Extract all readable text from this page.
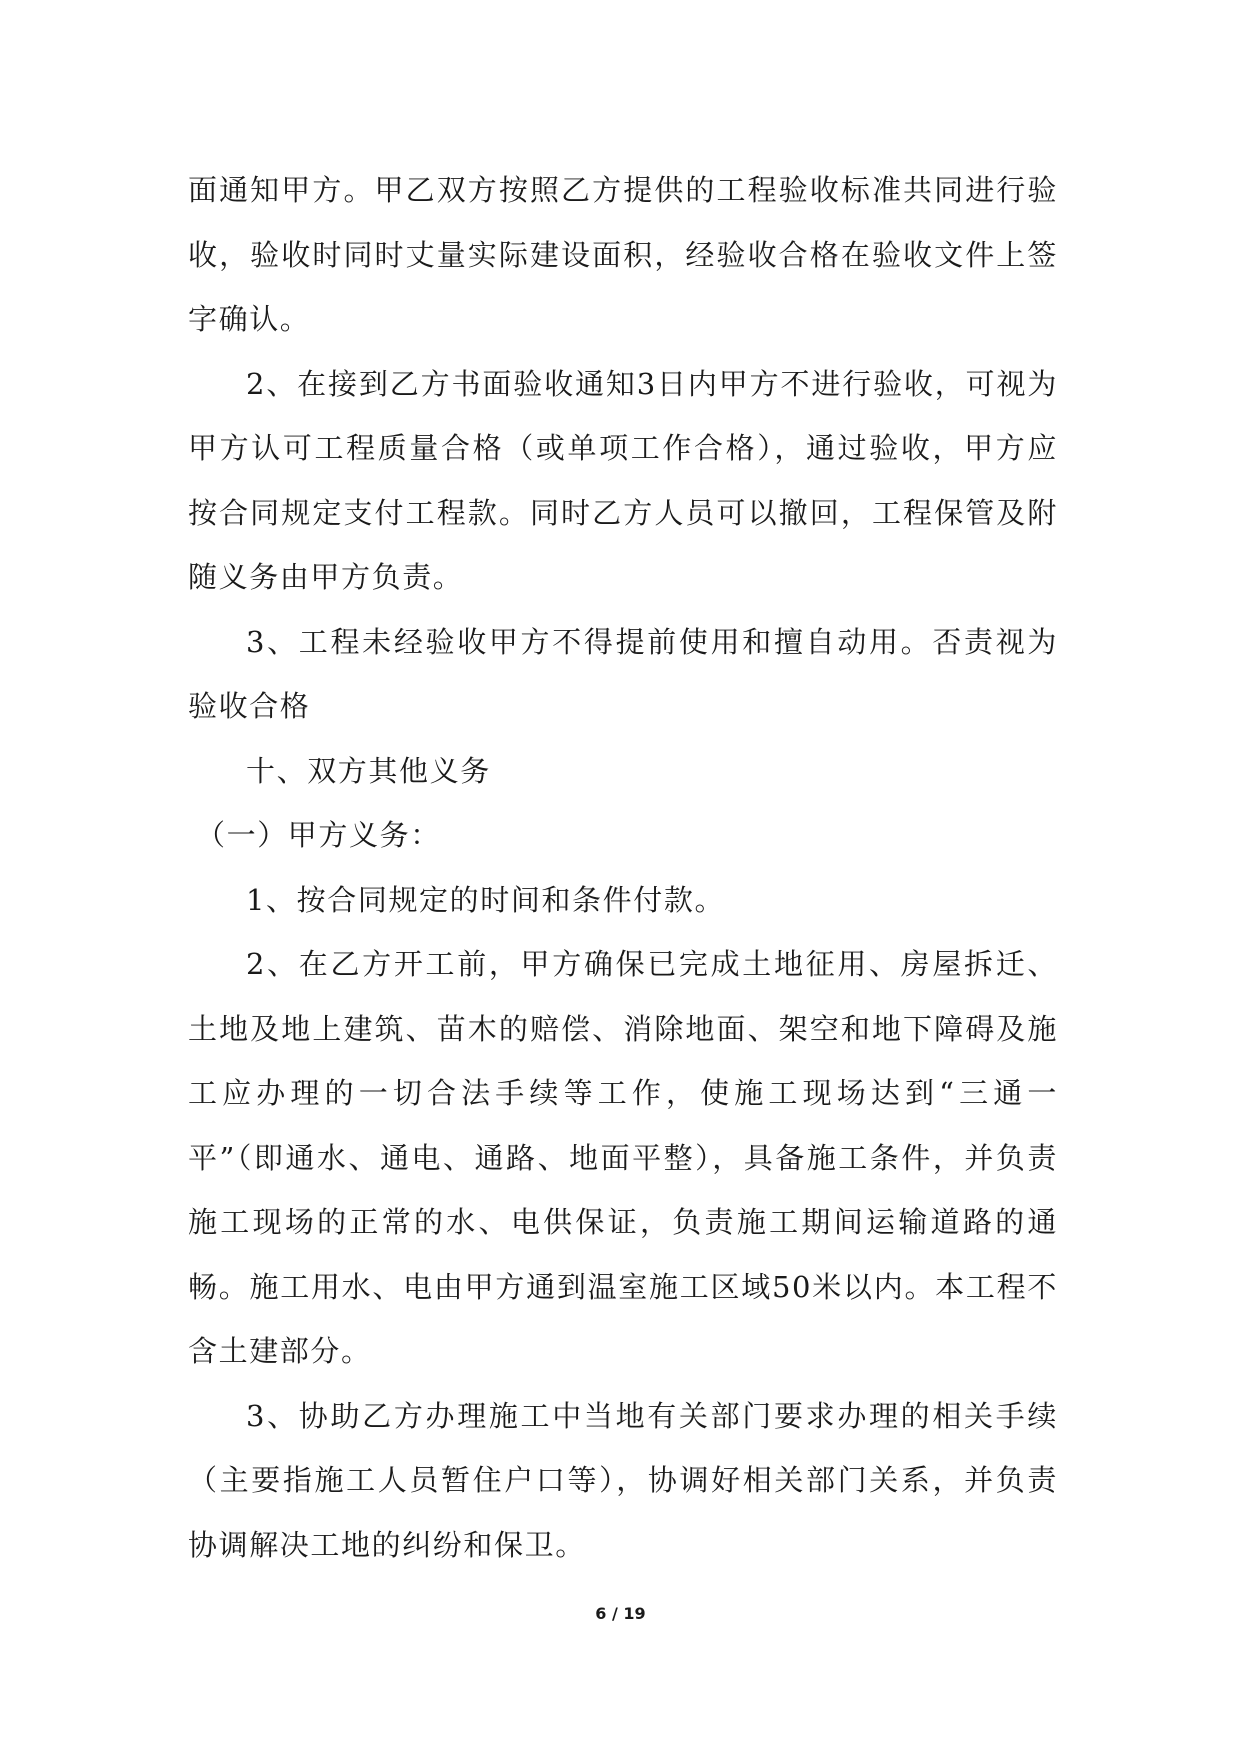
面通知甲方。甲乙双方按照乙方提供的工程验收标准共同进行验收，验收时同时丈量实际建设面积，经验收合格在验收文件上签字确认。

2、在接到乙方书面验收通知3日内甲方不进行验收，可视为甲方认可工程质量合格（或单项工作合格），通过验收，甲方应按合同规定支付工程款。同时乙方人员可以撤回，工程保管及附随义务由甲方负责。

3、工程未经验收甲方不得提前使用和擅自动用。否责视为验收合格

十、双方其他义务

（一）甲方义务：

1、按合同规定的时间和条件付款。

2、在乙方开工前，甲方确保已完成土地征用、房屋拆迁、土地及地上建筑、苗木的赔偿、消除地面、架空和地下障碍及施工应办理的一切合法手续等工作，使施工现场达到“三通一平”（即通水、通电、通路、地面平整），具备施工条件，并负责施工现场的正常的水、电供保证，负责施工期间运输道路的通畅。施工用水、电由甲方通到温室施工区域50米以内。本工程不含土建部分。

3、协助乙方办理施工中当地有关部门要求办理的相关手续（主要指施工人员暂住户口等），协调好相关部门关系，并负责协调解决工地的纠纷和保卫。

6 / 19
